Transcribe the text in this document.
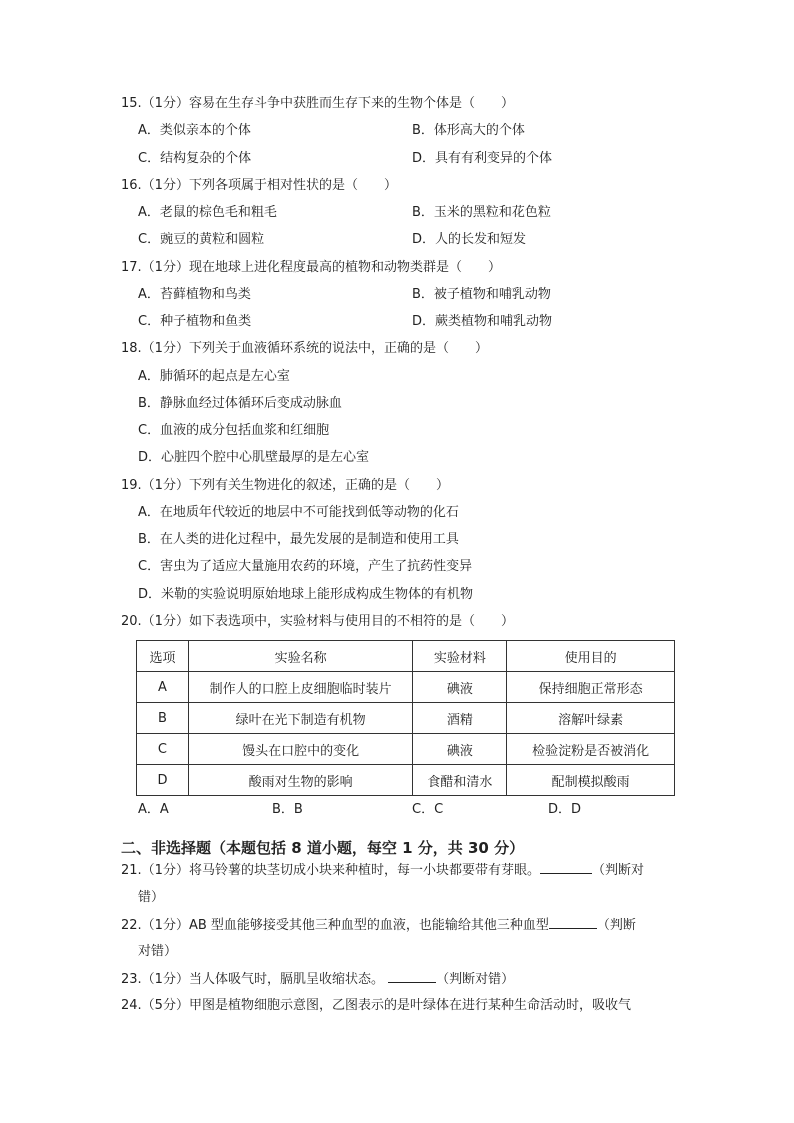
15.（1分）容易在生存斗争中获胜而生存下来的生物个体是（　　）
A．类似亲本的个体	B．体形高大的个体
C．结构复杂的个体	D．具有有利变异的个体
16.（1分）下列各项属于相对性状的是（　　）
A．老鼠的棕色毛和粗毛	B．玉米的黑粒和花色粒
C．豌豆的黄粒和圆粒	D．人的长发和短发
17.（1分）现在地球上进化程度最高的植物和动物类群是（　　）
A．苔藓植物和鸟类	B．被子植物和哺乳动物
C．种子植物和鱼类	D．蕨类植物和哺乳动物
18.（1分）下列关于血液循环系统的说法中，正确的是（　　）
A．肺循环的起点是左心室
B．静脉血经过体循环后变成动脉血
C．血液的成分包括血浆和红细胞
D．心脏四个腔中心肌壁最厚的是左心室
19.（1分）下列有关生物进化的叙述，正确的是（　　）
A．在地质年代较近的地层中不可能找到低等动物的化石
B．在人类的进化过程中，最先发展的是制造和使用工具
C．害虫为了适应大量施用农药的环境，产生了抗药性变异
D．米勒的实验说明原始地球上能形成构成生物体的有机物
20.（1分）如下表选项中，实验材料与使用目的不相符的是（　　）
选项	实验名称	实验材料	使用目的
A	制作人的口腔上皮细胞临时装片	碘液	保持细胞正常形态
B	绿叶在光下制造有机物	酒精	溶解叶绿素
C	馒头在口腔中的变化	碘液	检验淀粉是否被消化
D	酸雨对生物的影响	食醋和清水	配制模拟酸雨
A．A	B．B	C．C	D．D
二、非选择题（本题包括 8 道小题，每空 1 分，共 30 分）
21.（1分）将马铃薯的块茎切成小块来种植时，每一小块都要带有芽眼。	（判断对
错）
22.（1分）AB 型血能够接受其他三种血型的血液，也能输给其他三种血型	（判断
对错）
23.（1分）当人体吸气时，膈肌呈收缩状态。	（判断对错）
24.（5分）甲图是植物细胞示意图，乙图表示的是叶绿体在进行某种生命活动时，吸收气
